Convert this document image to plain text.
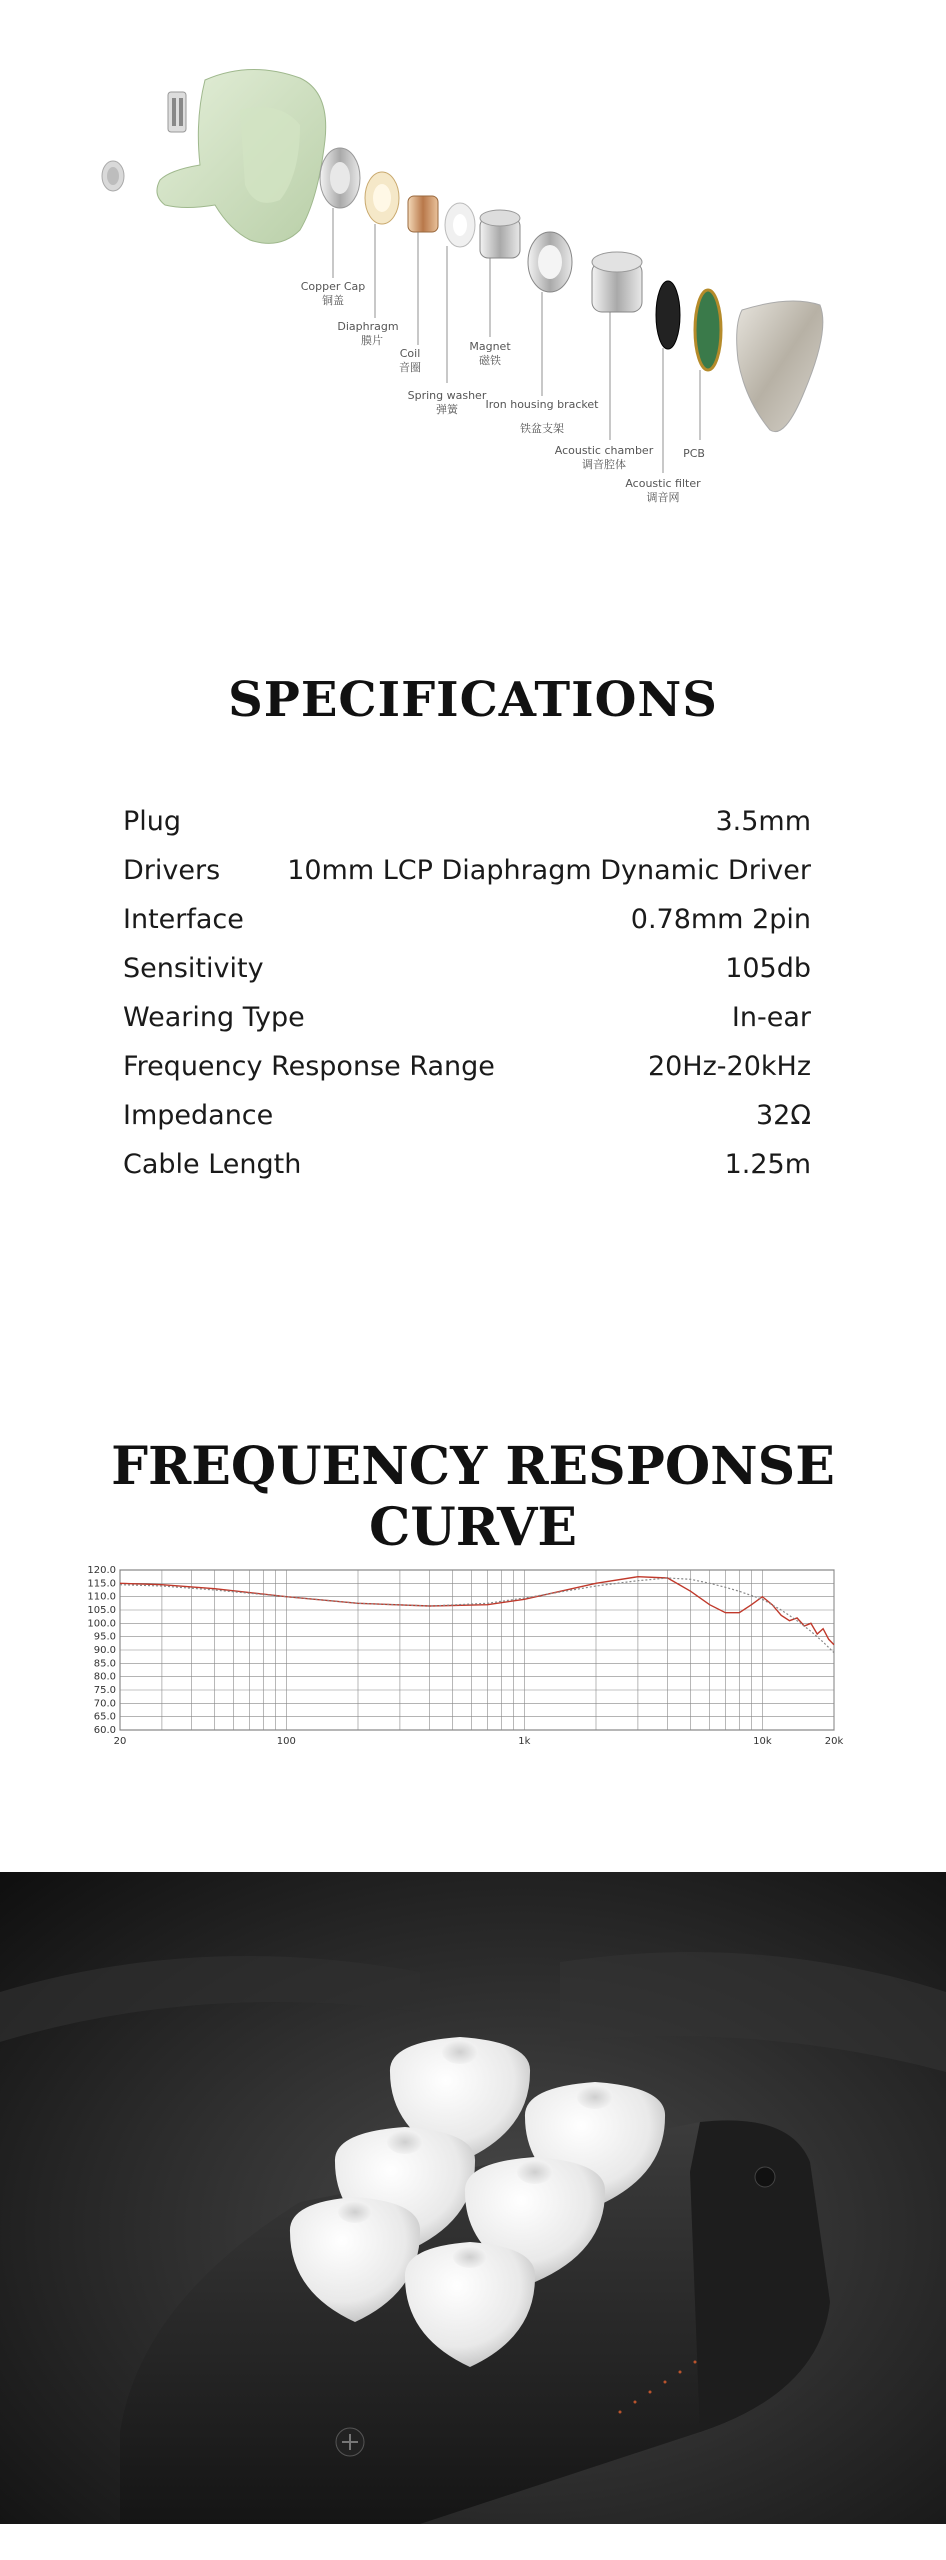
Copper Cap
铜盖
Diaphragm
膜片
Coil
音圈
Spring washer
弹簧
Magnet
磁铁
Iron housing bracket
铁盆支架
Acoustic chamber
调音腔体
Acoustic filter
调音网
PCB
SPECIFICATIONS
Plug	3.5mm
Drivers 10mm LCP Diaphragm Dynamic Driver
Interface	0.78mm 2pin
Sensitivity	105db
Wearing Type	In-ear
Frequency Response Range	20Hz-20kHz
Impedance	32Ω
Cable Length	1.25m
FREQUENCY RESPONSE CURVE
120.0
115.0
110.0
105.0
100.0
95.0
90.0
85.0
80.0
75.0
70.0
65.0
60.0
20	100	1k	10k	20k
